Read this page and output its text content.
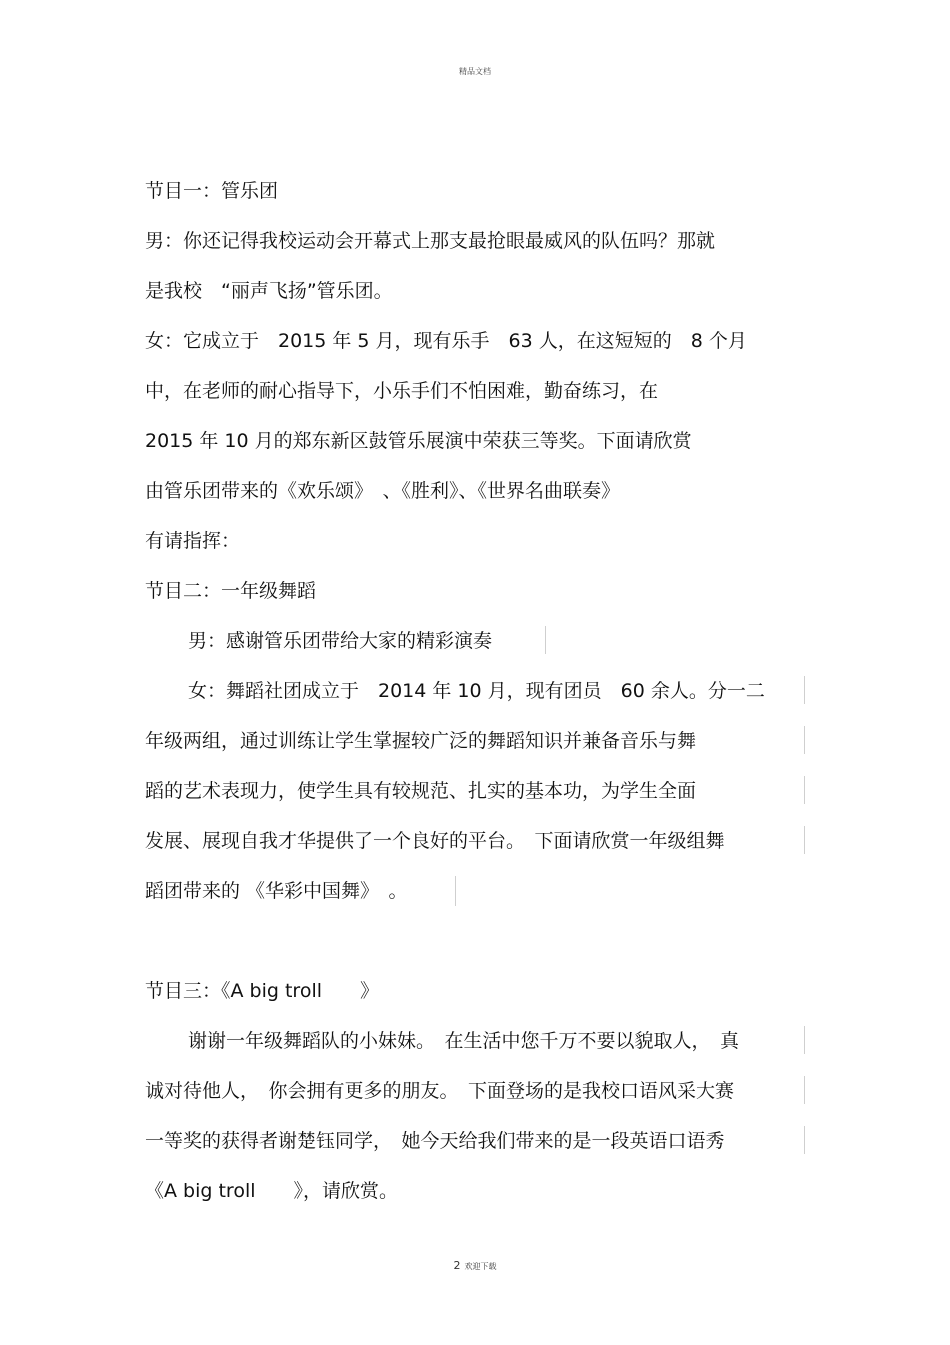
精品文档
节目一：管乐团
男：你还记得我校运动会开幕式上那支最抢眼最威风的队伍吗？那就
是我校　“丽声飞扬”管乐团。
女：它成立于　2015 年 5 月，现有乐手　63 人，在这短短的　8 个月
中，在老师的耐心指导下，小乐手们不怕困难，勤奋练习，在
2015 年 10 月的郑东新区鼓管乐展演中荣获三等奖。下面请欣赏
由管乐团带来的《欢乐颂》　、《胜利》、《世界名曲联奏》
有请指挥：
节目二：一年级舞蹈
男：感谢管乐团带给大家的精彩演奏
女：舞蹈社团成立于　2014 年 10 月，现有团员　60 余人。分一二
年级两组，通过训练让学生掌握较广泛的舞蹈知识并兼备音乐与舞
蹈的艺术表现力，使学生具有较规范、扎实的基本功，为学生全面
发展、展现自我才华提供了一个良好的平台。　下面请欣赏一年级组舞
蹈团带来的 《华彩中国舞》　。
节目三：《A big troll　　》
谢谢一年级舞蹈队的小妹妹。　在生活中您千万不要以貌取人，　真
诚对待他人，　你会拥有更多的朋友。　下面登场的是我校口语风采大赛
一等奖的获得者谢楚钰同学，　她今天给我们带来的是一段英语口语秀
《A big troll　　》，请欣赏。
2 欢迎下载
